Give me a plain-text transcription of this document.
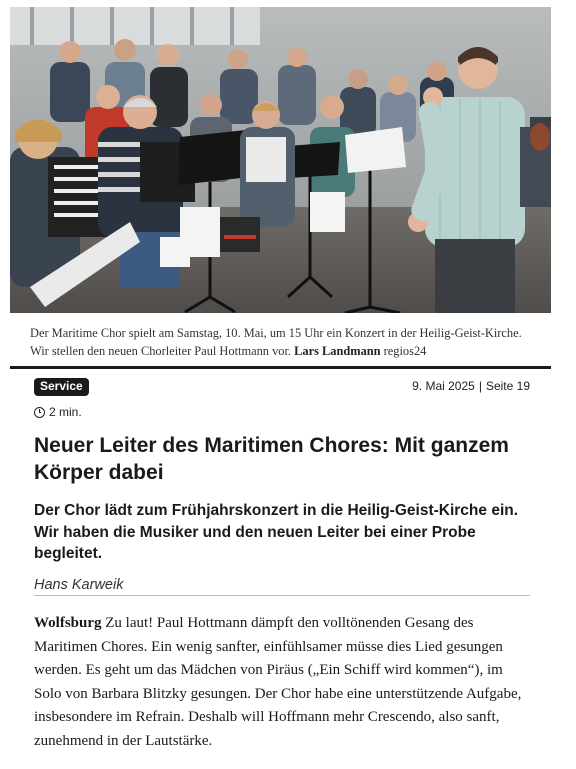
Der Maritime Chor spielt am Samstag, 10. Mai, um 15 Uhr ein Konzert in der Heilig-Geist-Kirche. Wir stellen den neuen Chorleiter Paul Hottmann vor. Lars Landmann regios24
Service	9. Mai 2025 | Seite 19
2 min.
Neuer Leiter des Maritimen Chores: Mit ganzem Körper dabei
Der Chor lädt zum Frühjahrskonzert in die Heilig-Geist-Kirche ein. Wir haben die Musiker und den neuen Leiter bei einer Probe begleitet.
Hans Karweik

Wolfsburg Zu laut! Paul Hottmann dämpft den volltönenden Gesang des Maritimen Chores. Ein wenig sanfter, einfühlsamer müsse dies Lied gesungen werden. Es geht um das Mädchen von Piräus („Ein Schiff wird kommen“), im Solo von Barbara Blitzky gesungen. Der Chor habe eine unterstützende Aufgabe, insbesondere im Refrain. Deshalb will Hoffmann mehr Crescendo, also sanft, zunehmend in der Lautstärke.
